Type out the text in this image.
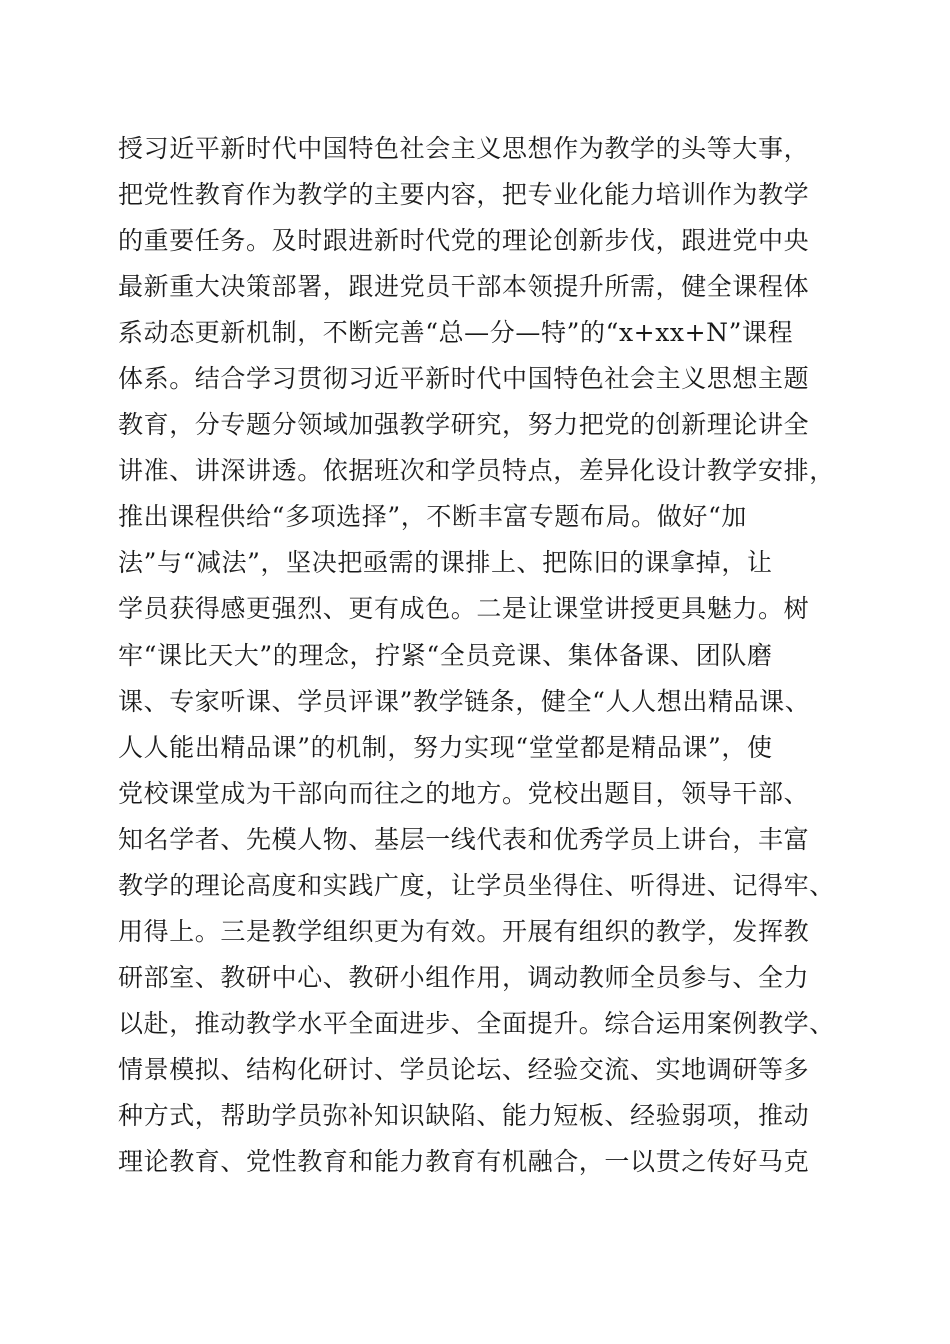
授习近平新时代中国特色社会主义思想作为教学的头等大事，
把党性教育作为教学的主要内容，把专业化能力培训作为教学
的重要任务。及时跟进新时代党的理论创新步伐，跟进党中央
最新重大决策部署，跟进党员干部本领提升所需，健全课程体
系动态更新机制，不断完善“总—分—特”的“x+xx+N”课程
体系。结合学习贯彻习近平新时代中国特色社会主义思想主题
教育，分专题分领域加强教学研究，努力把党的创新理论讲全
讲准、讲深讲透。依据班次和学员特点，差异化设计教学安排，
推出课程供给“多项选择”，不断丰富专题布局。做好“加
法”与“减法”，坚决把亟需的课排上、把陈旧的课拿掉，让
学员获得感更强烈、更有成色。二是让课堂讲授更具魅力。树
牢“课比天大”的理念，拧紧“全员竞课、集体备课、团队磨
课、专家听课、学员评课”教学链条，健全“人人想出精品课、
人人能出精品课”的机制，努力实现“堂堂都是精品课”，使
党校课堂成为干部向而往之的地方。党校出题目，领导干部、
知名学者、先模人物、基层一线代表和优秀学员上讲台，丰富
教学的理论高度和实践广度，让学员坐得住、听得进、记得牢、
用得上。三是教学组织更为有效。开展有组织的教学，发挥教
研部室、教研中心、教研小组作用，调动教师全员参与、全力
以赴，推动教学水平全面进步、全面提升。综合运用案例教学、
情景模拟、结构化研讨、学员论坛、经验交流、实地调研等多
种方式，帮助学员弥补知识缺陷、能力短板、经验弱项，推动
理论教育、党性教育和能力教育有机融合，一以贯之传好马克
